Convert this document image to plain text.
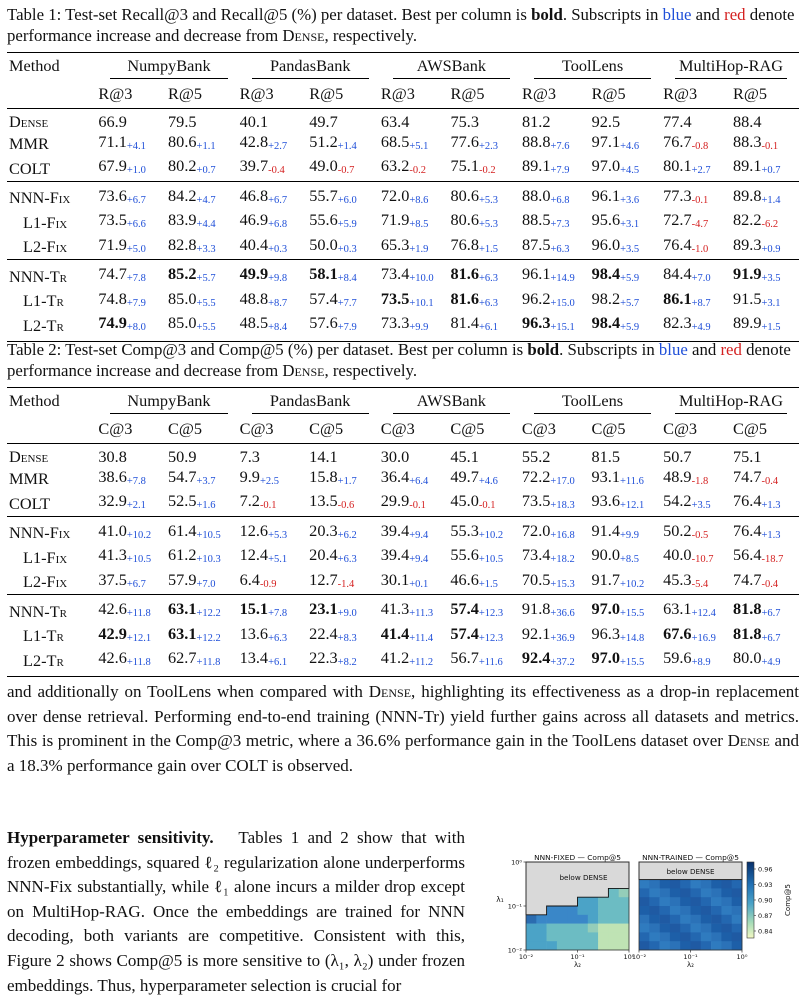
Table 1: Test-set Recall@3 and Recall@5 (%) per dataset. Best per column is bold. Subscripts in blue and red denote performance increase and decrease from Dense, respectively.
Method	NumpyBank		PandasBank		AWSBank		ToolLens		MultiHop-RAG	

	R@3	R@5	R@3	R@5	R@3	R@5	R@3	R@5	R@3	R@5
Dense	66.9	79.5	40.1	49.7	63.4	75.3	81.2	92.5	77.4	88.4
MMR	$71.1_{+4.1}$	$80.6_{+1.1}$	$42.8_{+2.7}$	$51.2_{+1.4}$	$68.5_{+5.1}$	$77.6_{+2.3}$	$88.8_{+7.6}$	$97.1_{+4.6}$	$76.7_{-0.8}$	$88.3_{-0.1}$
COLT	$67.9_{+1.0}$	$80.2_{+0.7}$	$39.7_{-0.4}$	$49.0_{-0.7}$	$63.2_{-0.2}$	$75.1_{-0.2}$	$89.1_{+7.9}$	$97.0_{+4.5}$	$80.1_{+2.7}$	$89.1_{+0.7}$
NNN-Fix	$73.6_{+6.7}$	$84.2_{+4.7}$	$46.8_{+6.7}$	$55.7_{+6.0}$	$72.0_{+8.6}$	$80.6_{+5.3}$	$88.0_{+6.8}$	$96.1_{+3.6}$	$77.3_{-0.1}$	$89.8_{+1.4}$
L1-Fix	$73.5_{+6.6}$	$83.9_{+4.4}$	$46.9_{+6.8}$	$55.6_{+5.9}$	$71.9_{+8.5}$	$80.6_{+5.3}$	$88.5_{+7.3}$	$95.6_{+3.1}$	$72.7_{-4.7}$	$82.2_{-6.2}$
L2-Fix	$71.9_{+5.0}$	$82.8_{+3.3}$	$40.4_{+0.3}$	$50.0_{+0.3}$	$65.3_{+1.9}$	$76.8_{+1.5}$	$87.5_{+6.3}$	$96.0_{+3.5}$	$76.4_{-1.0}$	$89.3_{+0.9}$
NNN-Tr	$74.7_{+7.8}$	$85.2_{+5.7}$	$49.9_{+9.8}$	$58.1_{+8.4}$	$73.4_{+10.0}$	$81.6_{+6.3}$	$96.1_{+14.9}$	$98.4_{+5.9}$	$84.4_{+7.0}$	$91.9_{+3.5}$
L1-Tr	$74.8_{+7.9}$	$85.0_{+5.5}$	$48.8_{+8.7}$	$57.4_{+7.7}$	$73.5_{+10.1}$	$81.6_{+6.3}$	$96.2_{+15.0}$	$98.2_{+5.7}$	$86.1_{+8.7}$	$91.5_{+3.1}$
L2-Tr	$74.9_{+8.0}$	$85.0_{+5.5}$	$48.5_{+8.4}$	$57.6_{+7.9}$	$73.3_{+9.9}$	$81.4_{+6.1}$	$96.3_{+15.1}$	$98.4_{+5.9}$	$82.3_{+4.9}$	$89.9_{+1.5}$
Table 2: Test-set Comp@3 and Comp@5 (%) per dataset. Best per column is bold. Subscripts in blue and red denote performance increase and decrease from Dense, respectively.
Method	NumpyBank		PandasBank		AWSBank		ToolLens		MultiHop-RAG	

	C@3	C@5	C@3	C@5	C@3	C@5	C@3	C@5	C@3	C@5
Dense	30.8	50.9	7.3	14.1	30.0	45.1	55.2	81.5	50.7	75.1
MMR	$38.6_{+7.8}$	$54.7_{+3.7}$	$9.9_{+2.5}$	$15.8_{+1.7}$	$36.4_{+6.4}$	$49.7_{+4.6}$	$72.2_{+17.0}$	$93.1_{+11.6}$	$48.9_{-1.8}$	$74.7_{-0.4}$
COLT	$32.9_{+2.1}$	$52.5_{+1.6}$	$7.2_{-0.1}$	$13.5_{-0.6}$	$29.9_{-0.1}$	$45.0_{-0.1}$	$73.5_{+18.3}$	$93.6_{+12.1}$	$54.2_{+3.5}$	$76.4_{+1.3}$
NNN-Fix	$41.0_{+10.2}$	$61.4_{+10.5}$	$12.6_{+5.3}$	$20.3_{+6.2}$	$39.4_{+9.4}$	$55.3_{+10.2}$	$72.0_{+16.8}$	$91.4_{+9.9}$	$50.2_{-0.5}$	$76.4_{+1.3}$
L1-Fix	$41.3_{+10.5}$	$61.2_{+10.3}$	$12.4_{+5.1}$	$20.4_{+6.3}$	$39.4_{+9.4}$	$55.6_{+10.5}$	$73.4_{+18.2}$	$90.0_{+8.5}$	$40.0_{-10.7}$	$56.4_{-18.7}$
L2-Fix	$37.5_{+6.7}$	$57.9_{+7.0}$	$6.4_{-0.9}$	$12.7_{-1.4}$	$30.1_{+0.1}$	$46.6_{+1.5}$	$70.5_{+15.3}$	$91.7_{+10.2}$	$45.3_{-5.4}$	$74.7_{-0.4}$
NNN-Tr	$42.6_{+11.8}$	$63.1_{+12.2}$	$15.1_{+7.8}$	$23.1_{+9.0}$	$41.3_{+11.3}$	$57.4_{+12.3}$	$91.8_{+36.6}$	$97.0_{+15.5}$	$63.1_{+12.4}$	$81.8_{+6.7}$
L1-Tr	$42.9_{+12.1}$	$63.1_{+12.2}$	$13.6_{+6.3}$	$22.4_{+8.3}$	$41.4_{+11.4}$	$57.4_{+12.3}$	$92.1_{+36.9}$	$96.3_{+14.8}$	$67.6_{+16.9}$	$81.8_{+6.7}$
L2-Tr	$42.6_{+11.8}$	$62.7_{+11.8}$	$13.4_{+6.1}$	$22.3_{+8.2}$	$41.2_{+11.2}$	$56.7_{+11.6}$	$92.4_{+37.2}$	$97.0_{+15.5}$	$59.6_{+8.9}$	$80.0_{+4.9}$
and additionally on ToolLens when compared with Dense, highlighting its effectiveness as a drop-in replacement over dense retrieval. Performing end-to-end training (NNN-Tr) yield further gains across all datasets and metrics. This is prominent in the Comp@3 metric, where a 36.6% performance gain in the ToolLens dataset over Dense and a 18.3% performance gain over COLT is observed.
Hyperparameter sensitivity. Tables 1 and 2 show that with frozen embeddings, squared ℓ₂ regularization alone underperforms NNN-Fix substantially, while ℓ₁ alone incurs a milder drop except on MultiHop-RAG. Once the embeddings are trained for NNN decoding, both variants are competitive. Consistent with this, Figure 2 shows Comp@5 is more sensitive to (λ₁, λ₂) under frozen embeddings. Thus, hyperparameter selection is crucial for
below DENSE
NNN-FIXED — Comp@5
10⁻²	10⁻¹	10⁰
λ₂
below DENSE
NNN-TRAINED — Comp@5
10⁻²	10⁻¹	10⁰
λ₂
10⁰
10⁻¹
10⁻²
λ₁
0.96
0.93
0.90
0.87
0.84
Comp@5
